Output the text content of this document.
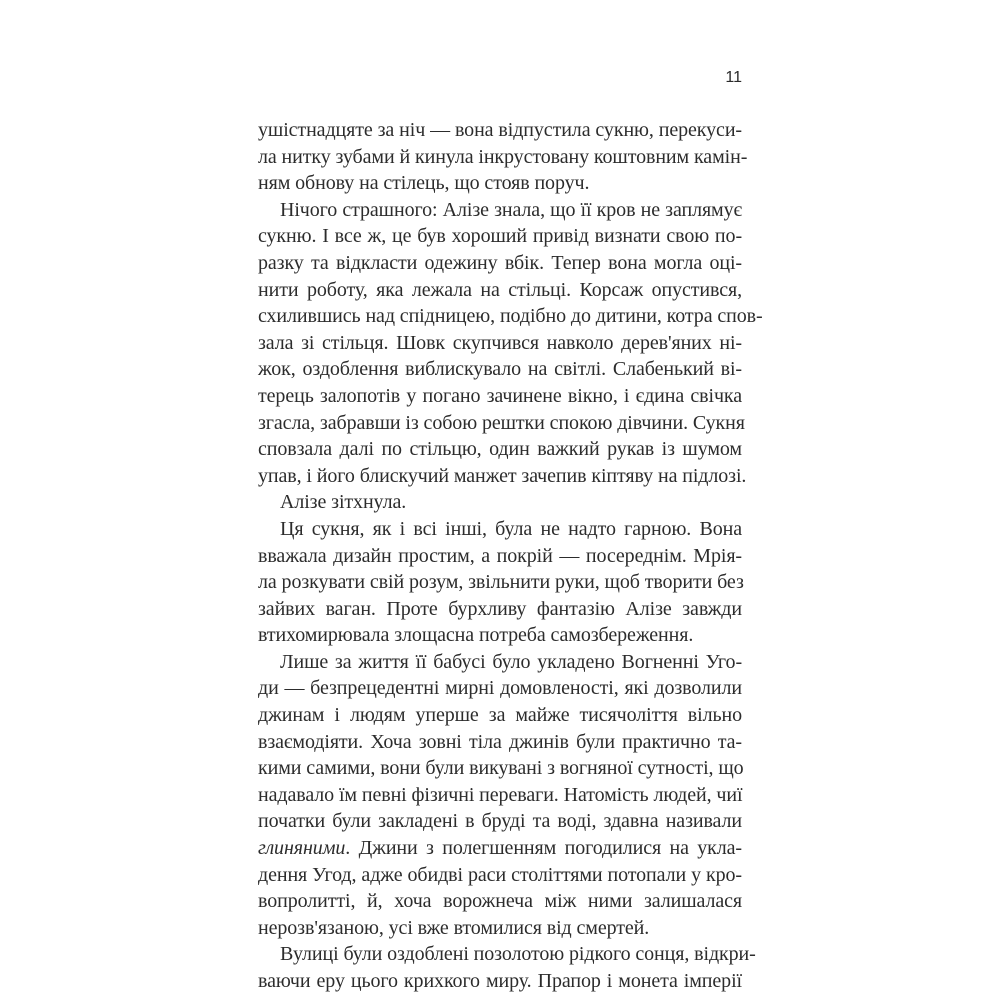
11
ушістнадцяте за ніч — вона відпустила сукню, перекуси-
ла нитку зубами й кинула інкрустовану коштовним камін-
ням обнову на стілець, що стояв поруч.
Нічого страшного: Алізе знала, що її кров не заплямує
сукню. І все ж, це був хороший привід визнати свою по-
разку та відкласти одежину вбік. Тепер вона могла оці-
нити роботу, яка лежала на стільці. Корсаж опустився,
схилившись над спідницею, подібно до дитини, котра спов-
зала зі стільця. Шовк скупчився навколо дерев'яних ні-
жок, оздоблення виблискувало на світлі. Слабенький ві-
терець залопотів у погано зачинене вікно, і єдина свічка
згасла, забравши із собою рештки спокою дівчини. Сукня
сповзала далі по стільцю, один важкий рукав із шумом
упав, і його блискучий манжет зачепив кіптяву на підлозі.
Алізе зітхнула.
Ця сукня, як і всі інші, була не надто гарною. Вона
вважала дизайн простим, а покрій — посереднім. Мрія-
ла розкувати свій розум, звільнити руки, щоб творити без
зайвих ваган. Проте бурхливу фантазію Алізе завжди
втихомирювала злощасна потреба самозбереження.
Лише за життя її бабусі було укладено Вогненні Уго-
ди — безпрецедентні мирні домовленості, які дозволили
джинам і людям уперше за майже тисячоліття вільно
взаємодіяти. Хоча зовні тіла джинів були практично та-
кими самими, вони були викувані з вогняної сутності, що
надавало їм певні фізичні переваги. Натомість людей, чиї
початки були закладені в бруді та воді, здавна називали
глиняними. Джини з полегшенням погодилися на укла-
дення Угод, адже обидві раси століттями потопали у кро-
вопролитті, й, хоча ворожнеча між ними залишалася
нерозв'язаною, усі вже втомилися від смертей.
Вулиці були оздоблені позолотою рідкого сонця, відкри-
ваючи еру цього крихкого миру. Прапор і монета імперії
